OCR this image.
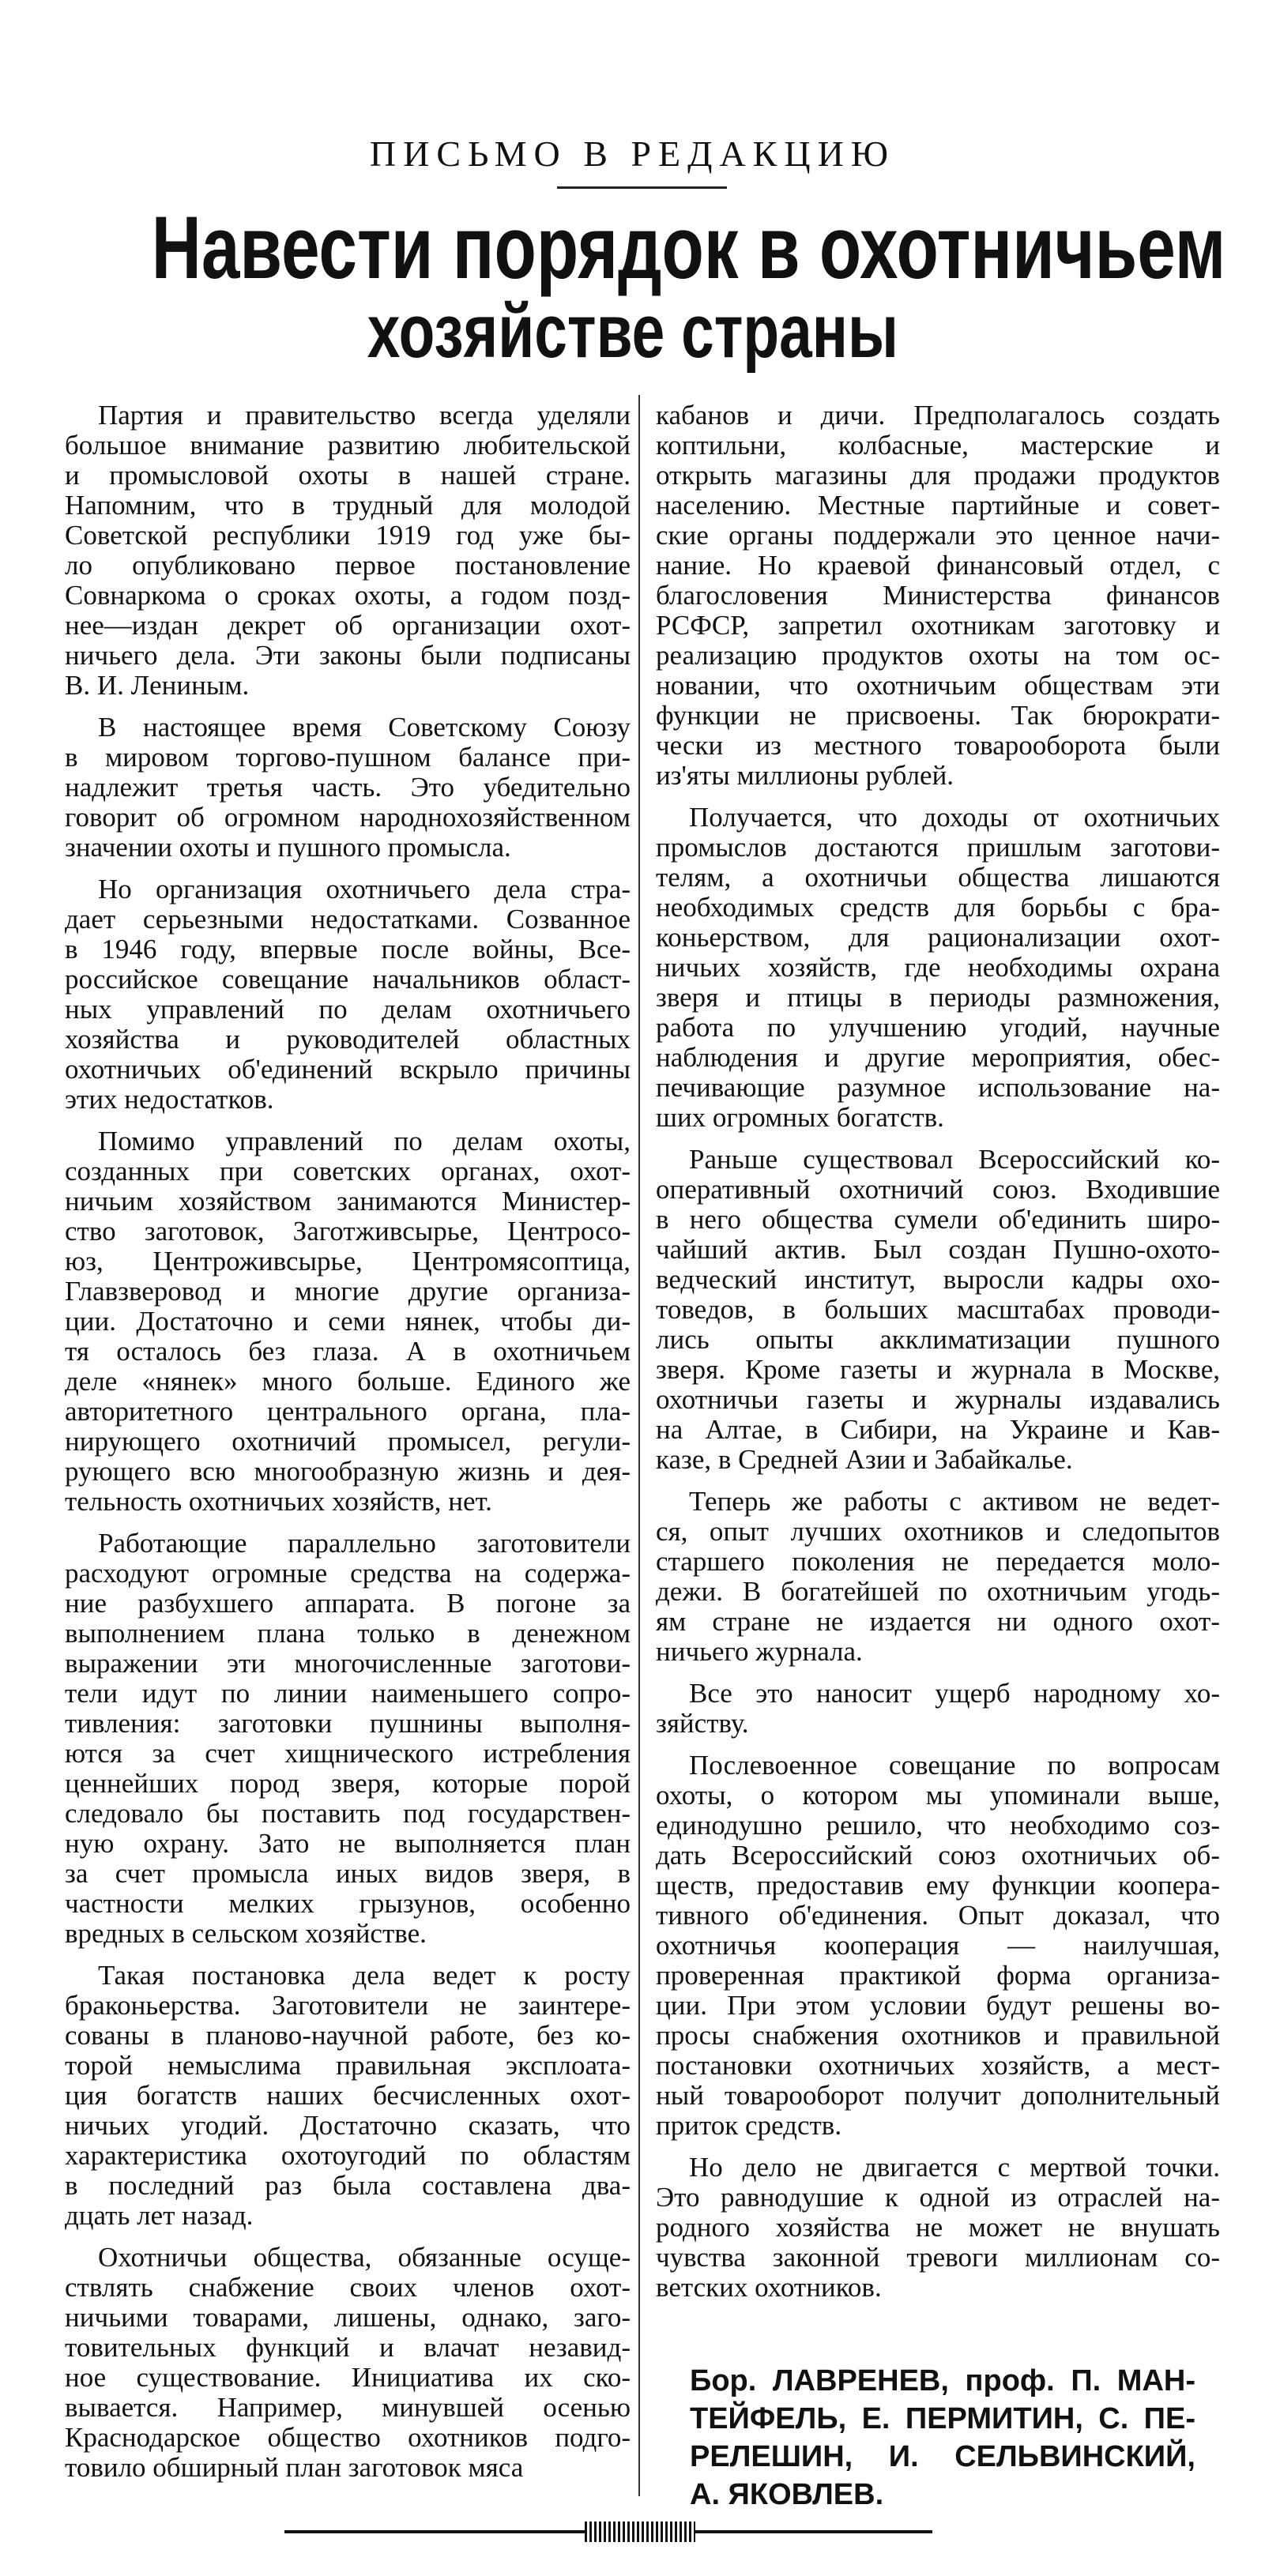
ПИСЬМО В РЕДАКЦИЮ
Навести порядок в охотничьем
хозяйстве страны
Партия и правительство всегда уделяли
большое внимание развитию любительской
и промысловой охоты в нашей стране.
Напомним, что в трудный для молодой
Советской республики 1919 год уже бы-
ло опубликовано первое постановление
Совнаркома о сроках охоты, а годом позд-
нее—издан декрет об организации охот-
ничьего дела. Эти законы были подписаны
В. И. Лениным.
В настоящее время Советскому Союзу
в мировом торгово-пушном балансе при-
надлежит третья часть. Это убедительно
говорит об огромном народнохозяйственном
значении охоты и пушного промысла.
Но организация охотничьего дела стра-
дает серьезными недостатками. Созванное
в 1946 году, впервые после войны, Все-
российское совещание начальников област-
ных управлений по делам охотничьего
хозяйства и руководителей областных
охотничьих об'единений вскрыло причины
этих недостатков.
Помимо управлений по делам охоты,
созданных при советских органах, охот-
ничьим хозяйством занимаются Министер-
ство заготовок, Заготживсырье, Центросо-
юз, Центроживсырье, Центромясоптица,
Главзверовод и многие другие организа-
ции. Достаточно и семи нянек, чтобы ди-
тя осталось без глаза. А в охотничьем
деле «нянек» много больше. Единого же
авторитетного центрального органа, пла-
нирующего охотничий промысел, регули-
рующего всю многообразную жизнь и дея-
тельность охотничьих хозяйств, нет.
Работающие параллельно заготовители
расходуют огромные средства на содержа-
ние разбухшего аппарата. В погоне за
выполнением плана только в денежном
выражении эти многочисленные заготови-
тели идут по линии наименьшего сопро-
тивления: заготовки пушнины выполня-
ются за счет хищнического истребления
ценнейших пород зверя, которые порой
следовало бы поставить под государствен-
ную охрану. Зато не выполняется план
за счет промысла иных видов зверя, в
частности мелких грызунов, особенно
вредных в сельском хозяйстве.
Такая постановка дела ведет к росту
браконьерства. Заготовители не заинтере-
сованы в планово-научной работе, без ко-
торой немыслима правильная эксплоата-
ция богатств наших бесчисленных охот-
ничьих угодий. Достаточно сказать, что
характеристика охотоугодий по областям
в последний раз была составлена два-
дцать лет назад.
Охотничьи общества, обязанные осуще-
ствлять снабжение своих членов охот-
ничьими товарами, лишены, однако, заго-
товительных функций и влачат незавид-
ное существование. Инициатива их ско-
вывается. Например, минувшей осенью
Краснодарское общество охотников подго-
товило обширный план заготовок мяса
кабанов и дичи. Предполагалось создать
коптильни, колбасные, мастерские и
открыть магазины для продажи продуктов
населению. Местные партийные и совет-
ские органы поддержали это ценное начи-
нание. Но краевой финансовый отдел, с
благословения Министерства финансов
РСФСР, запретил охотникам заготовку и
реализацию продуктов охоты на том ос-
новании, что охотничьим обществам эти
функции не присвоены. Так бюрократи-
чески из местного товарооборота были
из'яты миллионы рублей.
Получается, что доходы от охотничьих
промыслов достаются пришлым заготови-
телям, а охотничьи общества лишаются
необходимых средств для борьбы с бра-
коньерством, для рационализации охот-
ничьих хозяйств, где необходимы охрана
зверя и птицы в периоды размножения,
работа по улучшению угодий, научные
наблюдения и другие мероприятия, обес-
печивающие разумное использование на-
ших огромных богатств.
Раньше существовал Всероссийский ко-
оперативный охотничий союз. Входившие
в него общества сумели об'единить широ-
чайший актив. Был создан Пушно-охото-
ведческий институт, выросли кадры охо-
товедов, в больших масштабах проводи-
лись опыты акклиматизации пушного
зверя. Кроме газеты и журнала в Москве,
охотничьи газеты и журналы издавались
на Алтае, в Сибири, на Украине и Кав-
казе, в Средней Азии и Забайкалье.
Теперь же работы с активом не ведет-
ся, опыт лучших охотников и следопытов
старшего поколения не передается моло-
дежи. В богатейшей по охотничьим угодь-
ям стране не издается ни одного охот-
ничьего журнала.
Все это наносит ущерб народному хо-
зяйству.
Послевоенное совещание по вопросам
охоты, о котором мы упоминали выше,
единодушно решило, что необходимо соз-
дать Всероссийский союз охотничьих об-
ществ, предоставив ему функции коопера-
тивного об'единения. Опыт доказал, что
охотничья кооперация — наилучшая,
проверенная практикой форма организа-
ции. При этом условии будут решены во-
просы снабжения охотников и правильной
постановки охотничьих хозяйств, а мест-
ный товарооборот получит дополнительный
приток средств.
Но дело не двигается с мертвой точки.
Это равнодушие к одной из отраслей на-
родного хозяйства не может не внушать
чувства законной тревоги миллионам со-
ветских охотников.
Бор. ЛАВРЕНЕВ, проф. П. МАН-
ТЕЙФЕЛЬ, Е. ПЕРМИТИН, С. ПЕ-
РЕЛЕШИН, И. СЕЛЬВИНСКИЙ,
А. ЯКОВЛЕВ.
